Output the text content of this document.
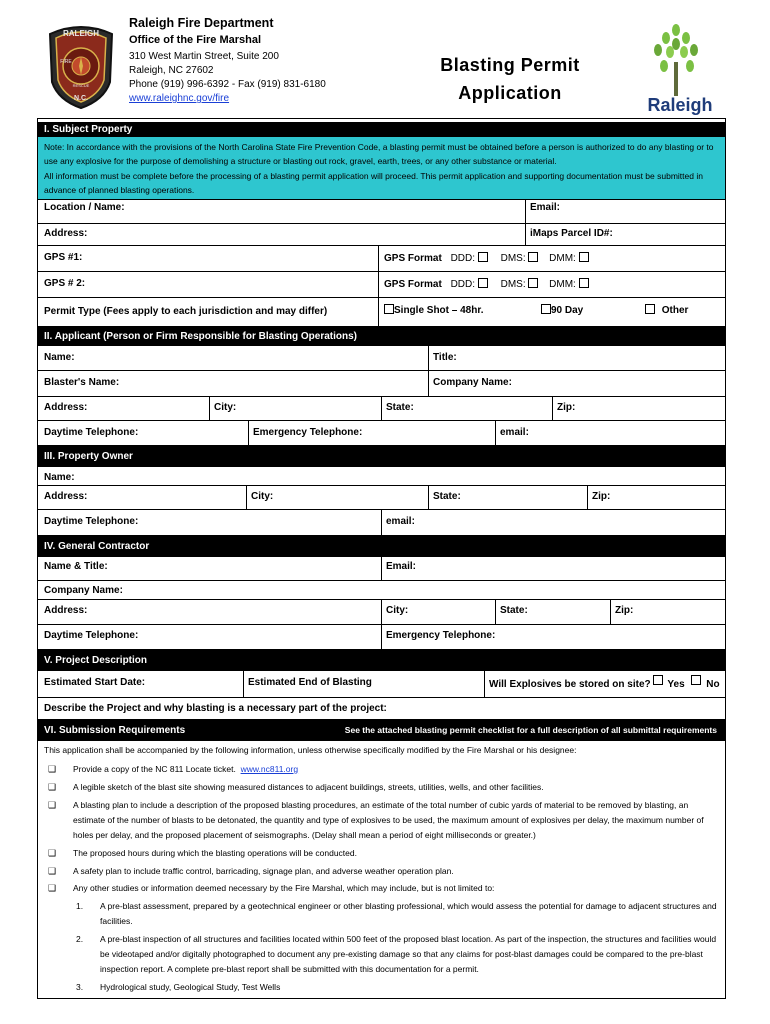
RALEIGH
FIRE
RESCUE
N.C.
Raleigh Fire Department
Office of the Fire Marshal
310 West Martin Street, Suite 200
Raleigh, NC 27602
Phone (919) 996-6392 - Fax (919) 831-6180
www.raleighnc.gov/fire
Blasting Permit
Application
Raleigh
I. Subject Property
Note: In accordance with the provisions of the North Carolina State Fire Prevention Code, a blasting permit must be obtained before a person is authorized to do any blasting or to use any explosive for the purpose of demolishing a structure or blasting out rock, gravel, earth, trees, or any other substance or material.
All information must be complete before the processing of a blasting permit application will proceed. This permit application and supporting documentation must be submitted in advance of planned blasting operations.
Location / Name:	Email:
Address:	iMaps Parcel ID#:
GPS #1:	GPS Format DDD:	DMS: DMM:
GPS # 2:	GPS Format DDD:	DMS: DMM:
Permit Type (Fees apply to each jurisdiction and may differ)	Single Shot – 48hr.	90 Day	Other
II. Applicant (Person or Firm Responsible for Blasting Operations)
Name:	Title:
Blaster's Name:	Company Name:
Address:	City:	State:	Zip:
Daytime Telephone:	Emergency Telephone:	email:
III. Property Owner
Name:
Address:	City:	State:	Zip:
Daytime Telephone:	email:
IV. General Contractor
Name & Title:	Email:
Company Name:
Address:	City:	State:	Zip:
Daytime Telephone:	Emergency Telephone:
V. Project Description
Estimated Start Date:	Estimated End of Blasting	Will Explosives be stored on site? Yes No
Describe the Project and why blasting is a necessary part of the project:
VI. Submission Requirements	See the attached blasting permit checklist for a full description of all submittal requirements
This application shall be accompanied by the following information, unless otherwise specifically modified by the Fire Marshal or his designee:
❑ Provide a copy of the NC 811 Locate ticket. www.nc811.org
❑ A legible sketch of the blast site showing measured distances to adjacent buildings, streets, utilities, wells, and other facilities.
❑ A blasting plan to include a description of the proposed blasting procedures, an estimate of the total number of cubic yards of material to be removed by blasting, an estimate of the number of blasts to be detonated, the quantity and type of explosives to be used, the maximum amount of explosives per delay, the maximum number of holes per delay, and the proposed placement of seismographs. (Delay shall mean a period of eight milliseconds or greater.)
❑ The proposed hours during which the blasting operations will be conducted.
❑ A safety plan to include traffic control, barricading, signage plan, and adverse weather operation plan.
❑ Any other studies or information deemed necessary by the Fire Marshal, which may include, but is not limited to:
1. A pre-blast assessment, prepared by a geotechnical engineer or other blasting professional, which would assess the potential for damage to adjacent structures and facilities.
2. A pre-blast inspection of all structures and facilities located within 500 feet of the proposed blast location. As part of the inspection, the structures and facilities would be videotaped and/or digitally photographed to document any pre-existing damage so that any claims for post-blast damages could be compared to the pre-blast inspection report. A complete pre-blast report shall be submitted with this documentation for a permit.
3. Hydrological study, Geological Study, Test Wells
